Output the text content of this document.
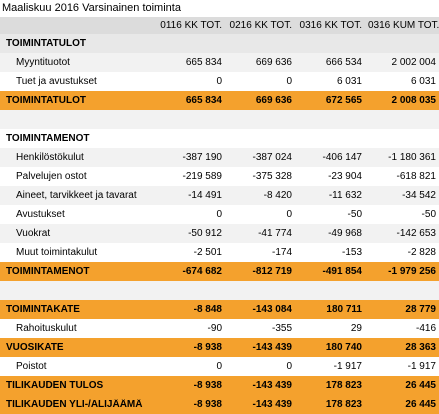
Maaliskuu 2016 Varsinainen toiminta
0116 KK TOT. 0216 KK TOT. 0316 KK TOT. 0316 KUM TOT.
TOIMINTATULOT
Myyntituotot	665 834	669 636	666 534	2 002 004
Tuet ja avustukset	0	0	6 031	6 031
TOIMINTATULOT	665 834	669 636	672 565	2 008 035
TOIMINTAMENOT
Henkilöstökulut	-387 190	-387 024	-406 147	-1 180 361
Palvelujen ostot	-219 589	-375 328	-23 904	-618 821
Aineet, tarvikkeet ja tavarat	-14 491	-8 420	-11 632	-34 542
Avustukset	0	0	-50	-50
Vuokrat	-50 912	-41 774	-49 968	-142 653
Muut toimintakulut	-2 501	-174	-153	-2 828
TOIMINTAMENOT	-674 682	-812 719	-491 854	-1 979 256
TOIMINTAKATE	-8 848	-143 084	180 711	28 779
Rahoituskulut	-90	-355	29	-416
VUOSIKATE	-8 938	-143 439	180 740	28 363
Poistot	0	0	-1 917	-1 917
TILIKAUDEN TULOS	-8 938	-143 439	178 823	26 445
TILIKAUDEN YLI-/ALIJÄÄMÄ	-8 938	-143 439	178 823	26 445
